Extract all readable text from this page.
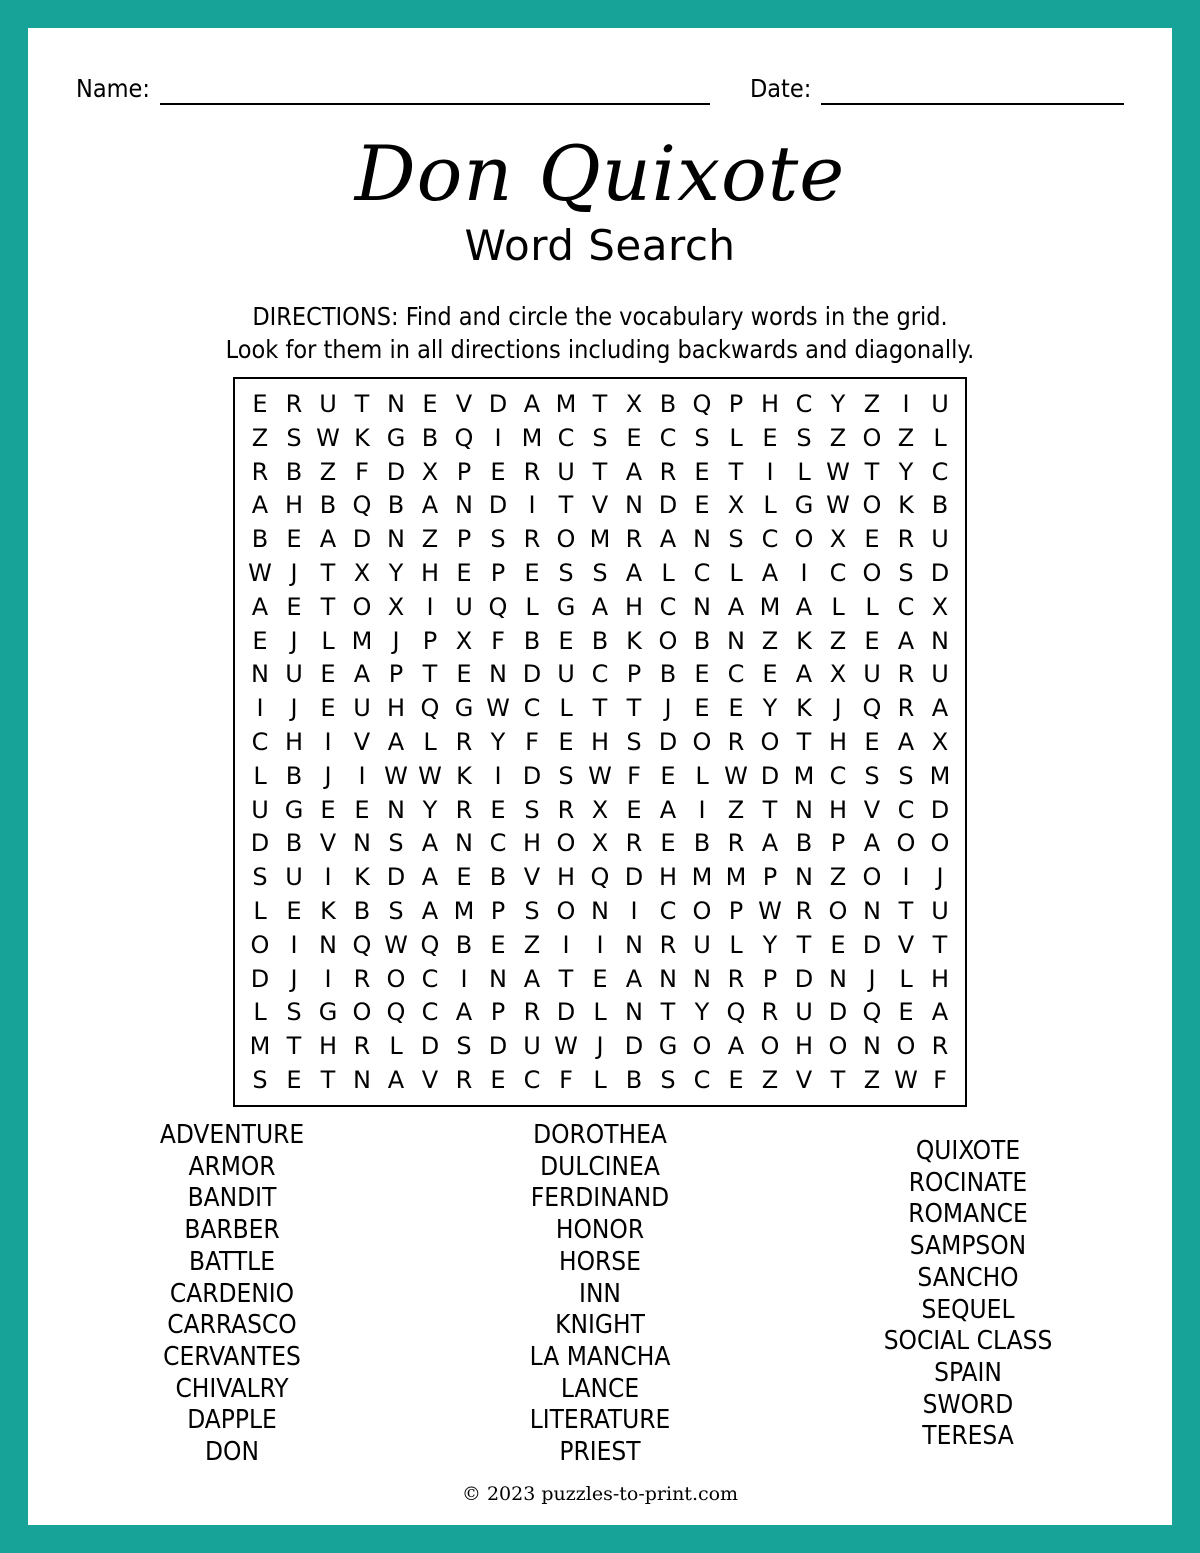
Name:	Date:
Don Quixote
Word Search
DIRECTIONS: Find and circle the vocabulary words in the grid.
Look for them in all directions including backwards and diagonally.
E R U T N E V D A M T X B Q P H C Y Z I U
Z S W K G B Q I M C S E C S L E S Z O Z L
R B Z F D X P E R U T A R E T I L W T Y C
A H B Q B A N D I T V N D E X L G W O K B
B E A D N Z P S R O M R A N S C O X E R U
W J T X Y H E P E S S A L C L A I C O S D
A E T O X I U Q L G A H C N A M A L L C X
E J L M J P X F B E B K O B N Z K Z E A N
N U E A P T E N D U C P B E C E A X U R U
I J E U H Q G W C L T T J E E Y K J Q R A
C H I V A L R Y F E H S D O R O T H E A X
L B J I W W K I D S W F E L W D M C S S M
U G E E N Y R E S R X E A I Z T N H V C D
D B V N S A N C H O X R E B R A B P A O O
S U I K D A E B V H Q D H M M P N Z O I J
L E K B S A M P S O N I C O P W R O N T U
O I N Q W Q B E Z I I N R U L Y T E D V T
D J I R O C I N A T E A N N R P D N J L H
L S G O Q C A P R D L N T Y Q R U D Q E A
M T H R L D S D U W J D G O A O H O N O R
S E T N A V R E C F L B S C E Z V T Z W F
ADVENTURE
ARMOR
BANDIT
BARBER
BATTLE
CARDENIO
CARRASCO
CERVANTES
CHIVALRY
DAPPLE
DON
DOROTHEA
DULCINEA
FERDINAND
HONOR
HORSE
INN
KNIGHT
LA MANCHA
LANCE
LITERATURE
PRIEST
QUIXOTE
ROCINATE
ROMANCE
SAMPSON
SANCHO
SEQUEL
SOCIAL CLASS
SPAIN
SWORD
TERESA
© 2023 puzzles-to-print.com
